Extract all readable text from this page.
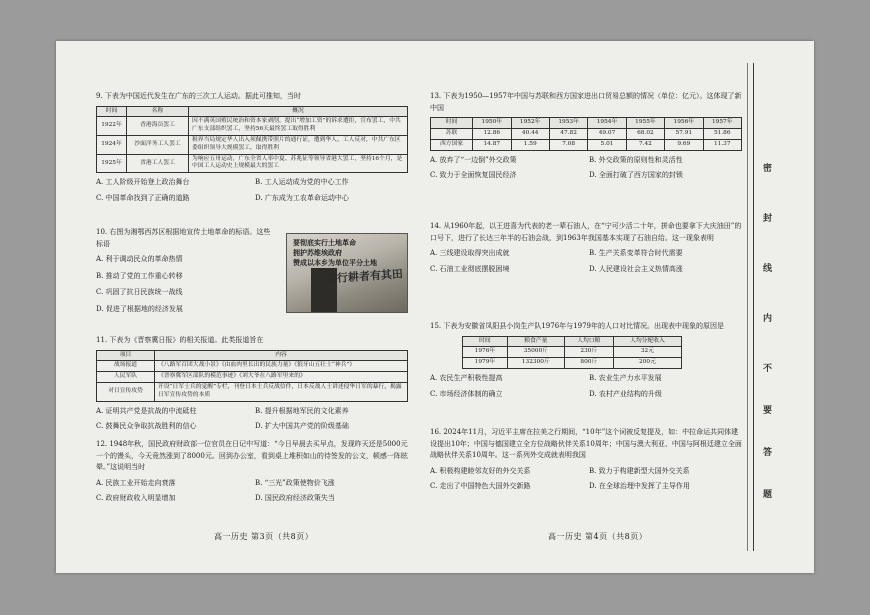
9. 下表为中国近代发生在广东的三次工人运动。据此可推知，当时

时间	名称	概况
1922年	香港海员罢工	因不满英国殖民统治和资本家剥削，提出“增加工资”的诉求遭拒，宣布罢工，中共广东支部组织罢工，坚持56天最终罢工取得胜利
1924年	沙面洋务工人罢工	租界当局规定华人出入须佩携带照片的通行证，遭到华人、工人反对，中共广东区委组织领导大规模罢工，取得胜利
1925年	省港工人罢工	为响应五卅运动，广东全省人率中夏、苏兆征等领导省港大罢工，坚持16个月，是中国工人运动史上规模最大的罢工
A. 工人阶级开始登上政治舞台	B. 工人运动成为党的中心工作
C. 中国革命找到了正确的道路	D. 广东成为工农革命运动中心

10. 右图为湘鄂西苏区根据地宣传土地革命的标语。这些标语

A. 利于调动民众的革命热情
B. 推动了党的工作重心转移
C. 巩固了抗日民族统一战线
D. 促进了根据地的经济发展
要彻底实行土地革命
拥护苏维埃政府
赞成以本乡为单位平分土地
实行耕者有其田

11. 下表为《晋察冀日报》的相关报道。此类报道旨在

项目	内容
战场报道	《八路军百团大战小景》《由血肉里长出的民族力量》《狼牙山五壮士“神兵”》
人民军队	《晋察冀军区部队的模范事迹》《刘大爷在八路军里来的》
对日宣传攻势	开设“日军士兵的觉醒”专栏，刊登日本士兵反战信件，日本反战人士讲述侵华日军的暴行，揭露日军宣传攻势的本质
A. 证明共产党是抗战的中流砥柱	B. 提升根据地军民的文化素养
C. 鼓舞民众争取抗战胜利的信心	D. 扩大中国共产党的阶级基础

12. 1948年秋，国民政府财政部一位官员在日记中写道：“今日早晨去买早点，发现昨天还是5000元一个的馒头，今天竟然涨到了8000元。回到办公室，看到桌上堆积如山的待签发的公文，顿感一阵眩晕。”这说明当时

A. 民族工业开始走向衰落	B. “三光”政策使物价飞涨
C. 政府财政收入明显增加	D. 国民政府经济政策失当
高一历史 第3页（共8页）

13. 下表为1950—1957年中国与苏联和西方国家进出口贸易总额的情况（单位：亿元）。这体现了新中国

时间	1950年	1952年	1953年	1954年	1955年	1956年	1957年
苏联	12.86	40.44	47.82	49.07	68.02	57.91	51.86
西方国家	14.87	1.59	7.08	5.01	7.42	9.69	11.37
A. 放弃了“一边倒”外交政策	B. 外交政策的原则性和灵活性
C. 致力于全面恢复国民经济	D. 全面打破了西方国家的封锁

14. 从1960年起，以王进喜为代表的老一辈石油人，在“宁可少活二十年，拼命也要拿下大庆油田”的口号下，进行了长达三年半的石油会战，到1963年我国基本实现了石油自给。这一现象表明

A. 三线建设取得突出成就	B. 生产关系变革符合时代需要
C. 石油工业彻底摆脱困境	D. 人民建设社会主义热情高涨

15. 下表为安徽省凤阳县小岗生产队1976年与1979年的人口对比情况。出现表中现象的原因是

时间	粮食产量	人均口粮	人均分配收入
1976年	35000斤	230斤	32元
1979年	132300斤	800斤	200元
A. 农民生产积极性提高	B. 农业生产力水平发展
C. 市场经济体制的确立	D. 农村产业结构的升级

16. 2024年11月，习近平主席在拉美之行期间，“10年”这个词被反复提及，如：中拉命运共同体建设提出10年；中国与德国建立全方位战略伙伴关系10周年；中国与澳大利亚、中国与阿根廷建立全面战略伙伴关系10周年。这一系列外交成就表明我国

A. 积极构建睦邻友好的外交关系	B. 致力于构建新型大国外交关系
C. 走出了中国特色大国外交新路	D. 在全球治理中发挥了主导作用
高一历史 第4页（共8页）
密
封
线
内
不
要
答
题
